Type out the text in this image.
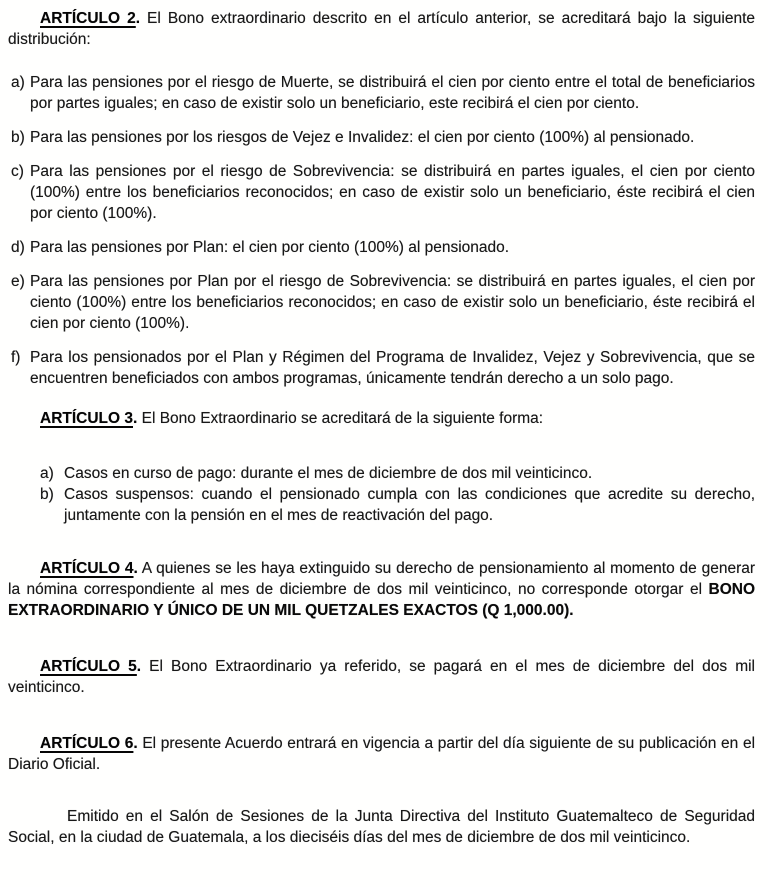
ARTÍCULO 2. El Bono extraordinario descrito en el artículo anterior, se acreditará bajo la siguiente distribución:

a) Para las pensiones por el riesgo de Muerte, se distribuirá el cien por ciento entre el total de beneficiarios por partes iguales; en caso de existir solo un beneficiario, este recibirá el cien por ciento.
b) Para las pensiones por los riesgos de Vejez e Invalidez: el cien por ciento (100%) al pensionado.
c) Para las pensiones por el riesgo de Sobrevivencia: se distribuirá en partes iguales, el cien por ciento (100%) entre los beneficiarios reconocidos; en caso de existir solo un beneficiario, éste recibirá el cien por ciento (100%).
d) Para las pensiones por Plan: el cien por ciento (100%) al pensionado.
e) Para las pensiones por Plan por el riesgo de Sobrevivencia: se distribuirá en partes iguales, el cien por ciento (100%) entre los beneficiarios reconocidos; en caso de existir solo un beneficiario, éste recibirá el cien por ciento (100%).
f) Para los pensionados por el Plan y Régimen del Programa de Invalidez, Vejez y Sobrevivencia, que se encuentren beneficiados con ambos programas, únicamente tendrán derecho a un solo pago.

ARTÍCULO 3. El Bono Extraordinario se acreditará de la siguiente forma:

a) Casos en curso de pago: durante el mes de diciembre de dos mil veinticinco.
b) Casos suspensos: cuando el pensionado cumpla con las condiciones que acredite su derecho, juntamente con la pensión en el mes de reactivación del pago.

ARTÍCULO 4. A quienes se les haya extinguido su derecho de pensionamiento al momento de generar la nómina correspondiente al mes de diciembre de dos mil veinticinco, no corresponde otorgar el BONO EXTRAORDINARIO Y ÚNICO DE UN MIL QUETZALES EXACTOS (Q 1,000.00).

ARTÍCULO 5. El Bono Extraordinario ya referido, se pagará en el mes de diciembre del dos mil veinticinco.

ARTÍCULO 6. El presente Acuerdo entrará en vigencia a partir del día siguiente de su publicación en el Diario Oficial.

Emitido en el Salón de Sesiones de la Junta Directiva del Instituto Guatemalteco de Seguridad Social, en la ciudad de Guatemala, a los dieciséis días del mes de diciembre de dos mil veinticinco.
